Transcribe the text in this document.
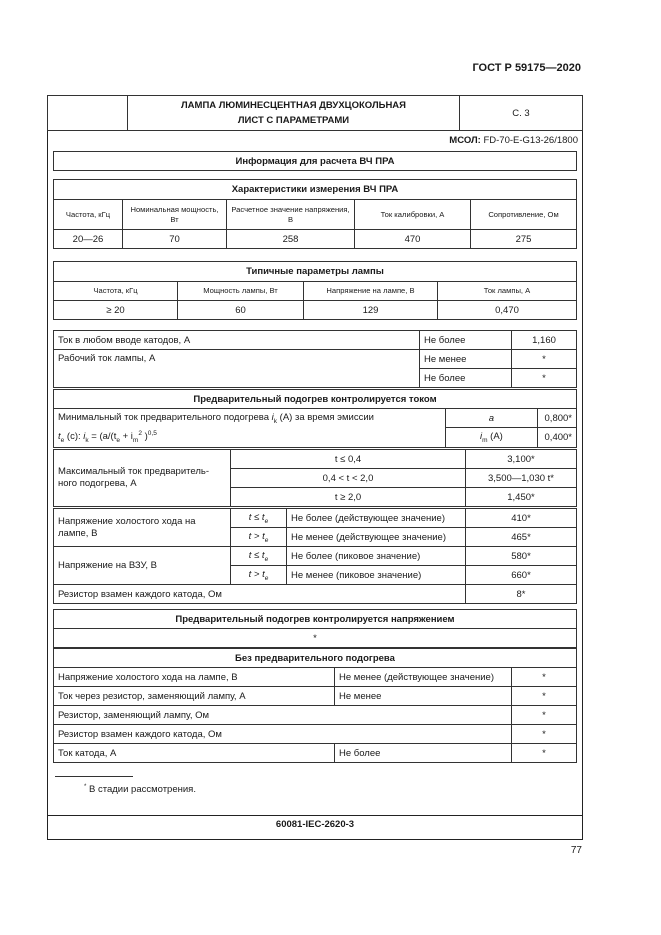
ГОСТ Р 59175—2020
	ЛАМПА ЛЮМИНЕСЦЕНТНАЯ ДВУХЦОКОЛЬНАЯ
ЛИСТ С ПАРАМЕТРАМИ	С. 3
МСОЛ: FD-70-E-G13-26/1800
Информация для расчета ВЧ ПРА
Характеристики измерения ВЧ ПРА				
Частота, кГц	Номинальная мощность, Вт	Расчетное значение напряжения, В	Ток калибровки, А	Сопротивление, Ом
20—26	70	258	470	275
Типичные параметры лампы			
Частота, кГц	Мощность лампы, Вт	Напряжение на лампе, В	Ток лампы, А
≥ 20	60	129	0,470
Ток в любом вводе катодов, А	Не более	1,160
Рабочий ток лампы, А	Не менее	*
	Не более	*
Предварительный подогрев контролируется током		
Минимальный ток предварительного подогрева $i_k$ (А) за время эмиссии
$t_e$ (с): $i_k = (a/(t_e + i_m^2$ )$^{0,5}$	a	0,800*
	$i_m$ (А)	0,400*
Максимальный ток предваритель-ного подогрева, А	t ≤ 0,4	3,100*
	0,4 < t < 2,0	3,500—1,030 t*
	t ≥ 2,0	1,450*
Напряжение холостого хода на лампе, В	$t \le t_e$	Не более (действующее значение)	410*
	$t > t_e$	Не менее (действующее значение)	465*
Напряжение на ВЗУ, В	$t \le t_e$	Не более (пиковое значение)	580*
	$t > t_e$	Не менее (пиковое значение)	660*
Резистор взамен каждого катода, Ом			8*
Предварительный подогрев контролируется напряжением
*
Без предварительного подогрева		
Напряжение холостого хода на лампе, В	Не менее (действующее значение)	*
Ток через резистор, заменяющий лампу, А	Не менее	*
Резистор, заменяющий лампу, Ом		*
Резистор взамен каждого катода, Ом		*
Ток катода, А	Не более	*
* В стадии рассмотрения.
60081-IEC-2620-3
77
